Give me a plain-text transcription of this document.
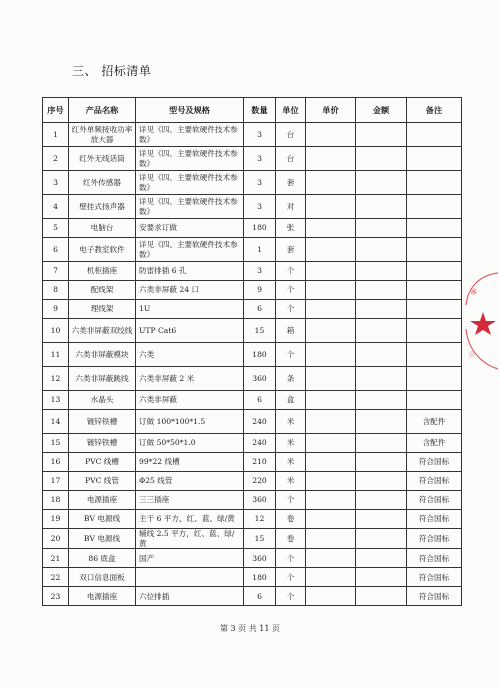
三、 招标清单
序号	产品名称	型号及规格	数量	单位	单价	金额	备注
1	红外单频接收功率放大器	详见《四、主要软硬件技术参数》	3	台			
2	红外无线话筒	详见《四、主要软硬件技术参数》	3	台			
3	红外传感器	详见《四、主要软硬件技术参数》	3	套			
4	壁挂式扬声器	详见《四、主要软硬件技术参数》	3	对			
5	电脑台	安要求订做	180	张			
6	电子教室软件	详见《四、主要软硬件技术参数》	1	套			
7	机柜插座	防雷排插 6 孔	3	个			
8	配线架	六类非屏蔽 24 口	9	个			
9	理线架	1U	6	个			
10	六类非屏蔽双绞线	UTP Cat6	15	箱			
11	六类非屏蔽模块	六类	180	个			
12	六类非屏蔽跳线	六类非屏蔽 2 米	360	条			
13	水晶头	六类非屏蔽	6	盒			
14	镀锌铁槽	订做 100*100*1.5	240	米			含配件
15	镀锌铁槽	订做 50*50*1.0	240	米			含配件
16	PVC 线槽	99*22 线槽	210	米			符合国标
17	PVC 线管	Φ25 线管	220	米			符合国标
18	电源插座	三三插座	360	个			符合国标
19	BV 电源线	主干 6 平方，红、蓝、绿/黄	12	卷			符合国标
20	BV 电源线	辅线 2.5 平方，红、蓝、绿/黄	15	卷			符合国标
21	86 底盒	国产	360	个			符合国标
22	双口信息面板		180	个			符合国标
23	电源插座	六位排插	6	个			符合国标
第 3 页 共 11 页
※
☆
